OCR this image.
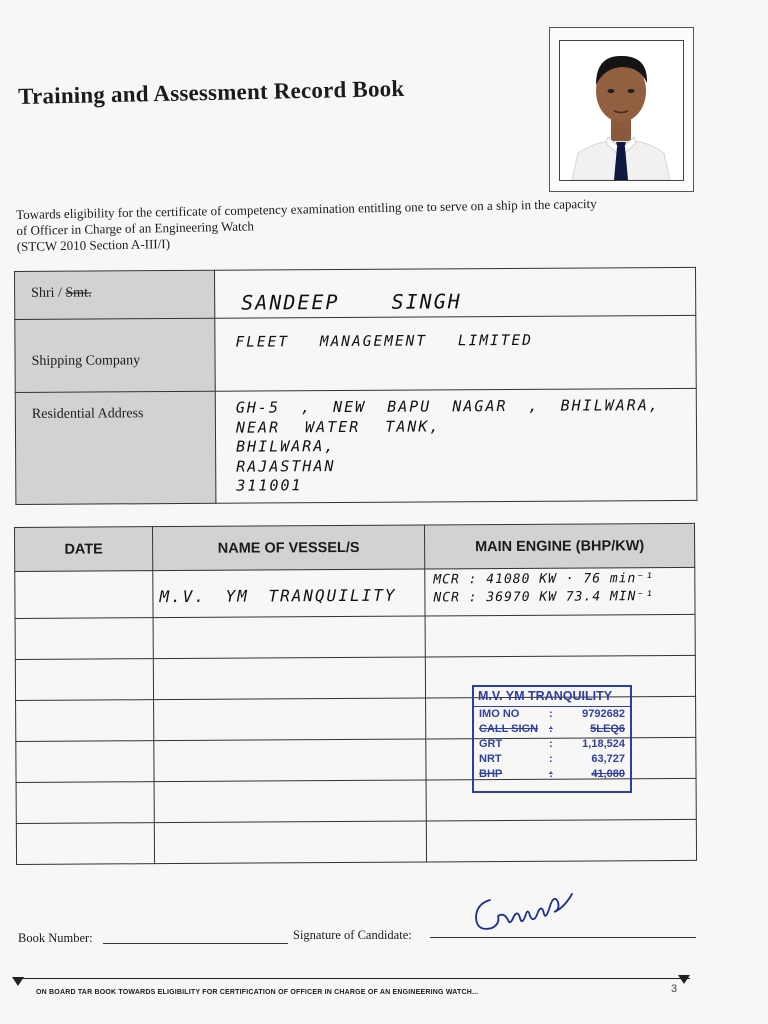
Training and Assessment Record Book
Towards eligibility for the certificate of competency examination entitling one to serve on a ship in the capacity
of Officer in Charge of an Engineering Watch
(STCW 2010 Section A-III/I)
Shri / Smt.	SANDEEP SINGH

Shipping Company	FLEET MANAGEMENT LIMITED

Residential Address	GH-5 , NEW BAPU NAGAR , BHILWARA,
NEAR WATER TANK,
BHILWARA,
RAJASTHAN
311001
DATE	NAME OF VESSEL/S	MAIN ENGINE (BHP/KW)

	M.V. YM TRANQUILITY	MCR : 41080 KW · 76 min⁻¹
NCR : 36970 KW 73.4 MIN⁻¹

M.V. YM TRANQUILITY
IMO NO	:	9792682
CALL SIGN :	5LEQ6
GRT	:	1,18,524
NRT	:	63,727
BHP	:	41,080
Book Number:	Signature of Candidate:
ON BOARD TAR BOOK TOWARDS ELIGIBILITY FOR CERTIFICATION OF OFFICER IN CHARGE OF AN ENGINEERING WATCH...	3
